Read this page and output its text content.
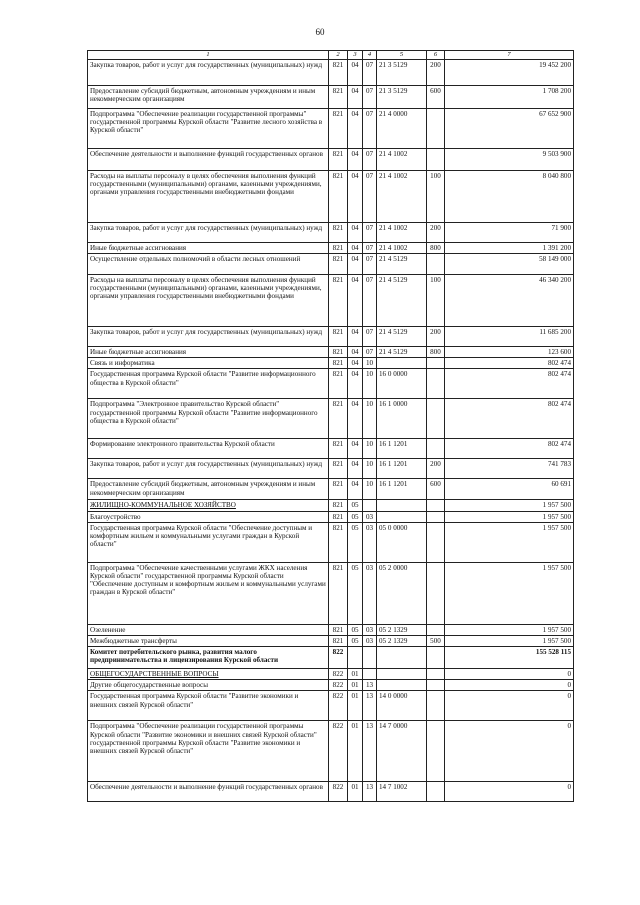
60
1	2	3	4	5	6	7
Закупка товаров, работ и услуг для государственных (муниципальных) нужд	821	04	07	21 3 5129	200	19 452 200
Предоставление субсидий бюджетным, автономным учреждениям и иным некоммерческим организациям	821	04	07	21 3 5129	600	1 708 200
Подпрограмма "Обеспечение реализации государственной программы" государственной программы Курской области "Развитие лесного хозяйства в Курской области"	821	04	07	21 4 0000		67 652 900
Обеспечение деятельности и выполнение функций государственных органов	821	04	07	21 4 1002		9 503 900
Расходы на выплаты персоналу в целях обеспечения выполнения функций государственными (муниципальными) органами, казенными учреждениями, органами управления государственными внебюджетными фондами	821	04	07	21 4 1002	100	8 040 800
Закупка товаров, работ и услуг для государственных (муниципальных) нужд	821	04	07	21 4 1002	200	71 900
Иные бюджетные ассигнования	821	04	07	21 4 1002	800	1 391 200
Осуществление отдельных полномочий в области лесных отношений	821	04	07	21 4 5129		58 149 000
Расходы на выплаты персоналу в целях обеспечения выполнения функций государственными (муниципальными) органами, казенными учреждениями, органами управления государственными внебюджетными фондами	821	04	07	21 4 5129	100	46 340 200
Закупка товаров, работ и услуг для государственных (муниципальных) нужд	821	04	07	21 4 5129	200	11 685 200
Иные бюджетные ассигнования	821	04	07	21 4 5129	800	123 600
Связь и информатика	821	04	10			802 474
Государственная программа Курской области "Развитие информационного общества в Курской области"	821	04	10	16 0 0000		802 474
Подпрограмма "Электронное правительство Курской области" государственной программы Курской области "Развитие информационного общества в Курской области"	821	04	10	16 1 0000		802 474
Формирование электронного правительства Курской области	821	04	10	16 1 1201		802 474
Закупка товаров, работ и услуг для государственных (муниципальных) нужд	821	04	10	16 1 1201	200	741 783
Предоставление субсидий бюджетным, автономным учреждениям и иным некоммерческим организациям	821	04	10	16 1 1201	600	60 691
ЖИЛИЩНО-КОММУНАЛЬНОЕ ХОЗЯЙСТВО	821	05				1 957 500
Благоустройство	821	05	03			1 957 500
Государственная программа Курской области "Обеспечение доступным и комфортным жильем и коммунальными услугами граждан в Курской области"	821	05	03	05 0 0000		1 957 500
Подпрограмма "Обеспечение качественными услугами ЖКХ населения Курской области" государственной программы Курской области "Обеспечение доступным и комфортным жильем и коммунальными услугами граждан в Курской области"	821	05	03	05 2 0000		1 957 500
Озеленение	821	05	03	05 2 1329		1 957 500
Межбюджетные трансферты	821	05	03	05 2 1329	500	1 957 500
Комитет потребительского рынка, развития малого предпринимательства и лицензирования Курской области	822					155 528 115
ОБЩЕГОСУДАРСТВЕННЫЕ ВОПРОСЫ	822	01				0
Другие общегосударственные вопросы	822	01	13			0
Государственная программа Курской области "Развитие экономики и внешних связей Курской области"	822	01	13	14 0 0000		0
Подпрограмма "Обеспечение реализации государственной программы Курской области "Развитие экономики и внешних связей Курской области" государственной программы Курской области "Развитие экономики и внешних связей Курской области"	822	01	13	14 7 0000		0
Обеспечение деятельности и выполнение функций государственных органов	822	01	13	14 7 1002		0
